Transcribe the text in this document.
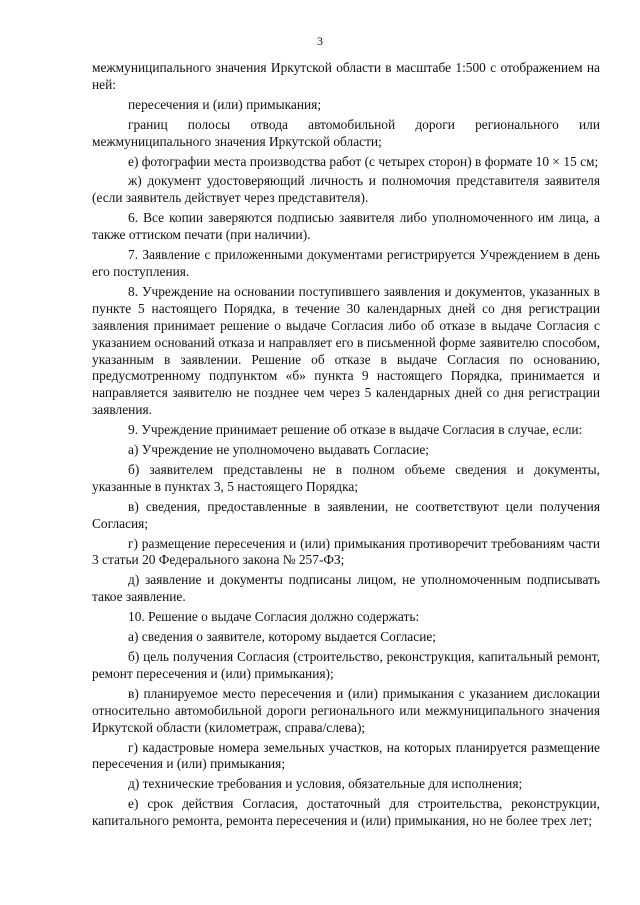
3

межмуниципального значения Иркутской области в масштабе 1:500 с отображением на ней:

пересечения и (или) примыкания;

границ полосы отвода автомобильной дороги регионального или межмуниципального значения Иркутской области;

е) фотографии места производства работ (с четырех сторон) в формате 10 × 15 см;

ж) документ удостоверяющий личность и полномочия представителя заявителя (если заявитель действует через представителя).

6. Все копии заверяются подписью заявителя либо уполномоченного им лица, а также оттиском печати (при наличии).

7. Заявление с приложенными документами регистрируется Учреждением в день его поступления.

8. Учреждение на основании поступившего заявления и документов, указанных в пункте 5 настоящего Порядка, в течение 30 календарных дней со дня регистрации заявления принимает решение о выдаче Согласия либо об отказе в выдаче Согласия с указанием оснований отказа и направляет его в письменной форме заявителю способом, указанным в заявлении. Решение об отказе в выдаче Согласия по основанию, предусмотренному подпунктом «б» пункта 9 настоящего Порядка, принимается и направляется заявителю не позднее чем через 5 календарных дней со дня регистрации заявления.

9. Учреждение принимает решение об отказе в выдаче Согласия в случае, если:

а) Учреждение не уполномочено выдавать Согласие;

б) заявителем представлены не в полном объеме сведения и документы, указанные в пунктах 3, 5 настоящего Порядка;

в) сведения, предоставленные в заявлении, не соответствуют цели получения Согласия;

г) размещение пересечения и (или) примыкания противоречит требованиям части 3 статьи 20 Федерального закона № 257-ФЗ;

д) заявление и документы подписаны лицом, не уполномоченным подписывать такое заявление.

10. Решение о выдаче Согласия должно содержать:

а) сведения о заявителе, которому выдается Согласие;

б) цель получения Согласия (строительство, реконструкция, капитальный ремонт, ремонт пересечения и (или) примыкания);

в) планируемое место пересечения и (или) примыкания с указанием дислокации относительно автомобильной дороги регионального или межмуниципального значения Иркутской области (километраж, справа/слева);

г) кадастровые номера земельных участков, на которых планируется размещение пересечения и (или) примыкания;

д) технические требования и условия, обязательные для исполнения;

е) срок действия Согласия, достаточный для строительства, реконструкции, капитального ремонта, ремонта пересечения и (или) примыкания, но не более трех лет;
